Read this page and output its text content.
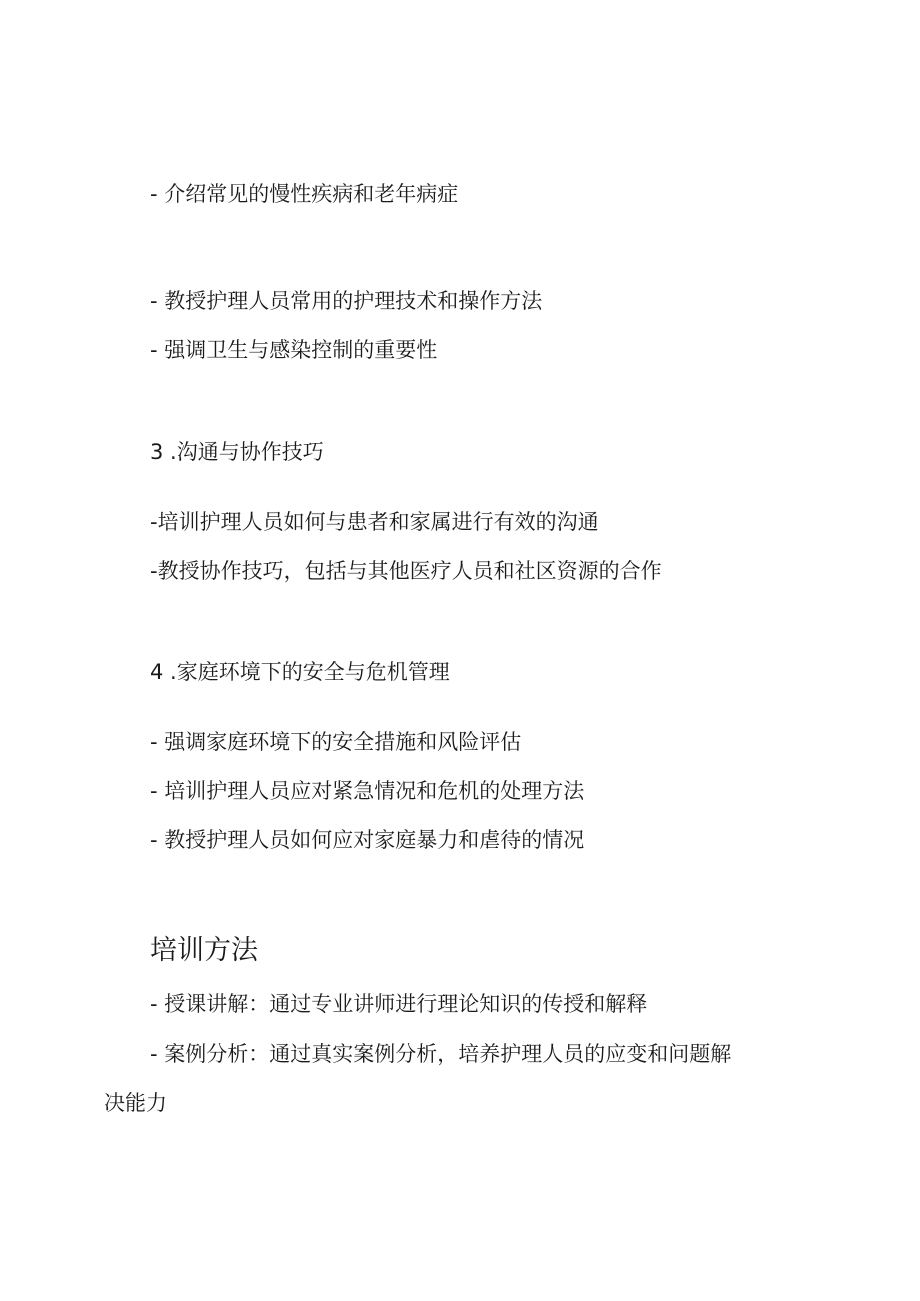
- 介绍常见的慢性疾病和老年病症
- 教授护理人员常用的护理技术和操作方法
- 强调卫生与感染控制的重要性
3 .沟通与协作技巧
-培训护理人员如何与患者和家属进行有效的沟通
-教授协作技巧，包括与其他医疗人员和社区资源的合作
4 .家庭环境下的安全与危机管理
- 强调家庭环境下的安全措施和风险评估
- 培训护理人员应对紧急情况和危机的处理方法
- 教授护理人员如何应对家庭暴力和虐待的情况
培训方法
- 授课讲解：通过专业讲师进行理论知识的传授和解释
- 案例分析：通过真实案例分析，培养护理人员的应变和问题解
决能力
